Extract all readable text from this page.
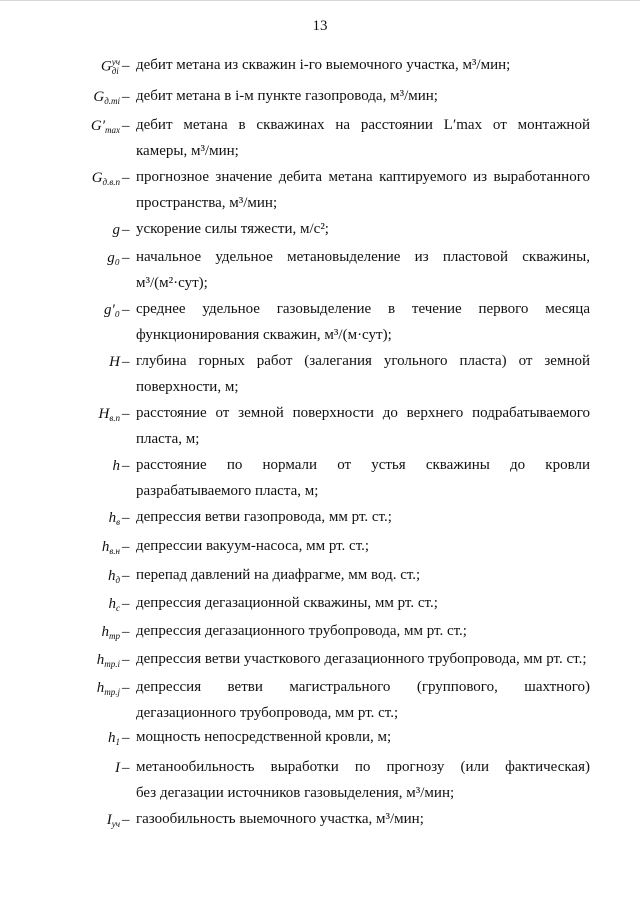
13
G уч
дi – дебит метана из скважин i-го выемочного участка, м³/мин;
G д.тi – дебит метана в i-м пункте газопровода, м³/мин;
G′ max – дебит метана в скважинах на расстоянии L′max от монтажной
камеры, м³/мин;
G д.в.п – прогнозное значение дебита метана каптируемого из выработанного
пространства, м³/мин;
g – ускорение силы тяжести, м/с²;
g₀ – начальное удельное метановыделение из пластовой скважины,
м³/(м²·сут);
g′₀ – среднее удельное газовыделение в течение первого месяца
функционирования скважин, м³/(м·сут);
H – глубина горных работ (залегания угольного пласта) от земной
поверхности, м;
H в.п – расстояние от земной поверхности до верхнего подрабатываемого
пласта, м;
h – расстояние по нормали от устья скважины до кровли
разрабатываемого пласта, м;
h в – депрессия ветви газопровода, мм рт. ст.;
h в.н – депрессии вакуум-насоса, мм рт. ст.;
h д – перепад давлений на диафрагме, мм вод. ст.;
h с – депрессия дегазационной скважины, мм рт. ст.;
h тр – депрессия дегазационного трубопровода, мм рт. ст.;
h тр.i – депрессия ветви участкового дегазационного трубопровода, мм рт. ст.;
h тр.j – депрессия ветви магистрального (группового, шахтного)
дегазационного трубопровода, мм рт. ст.;
h 1 – мощность непосредственной кровли, м;
I – метанообильность выработки по прогнозу (или фактическая)
без дегазации источников газовыделения, м³/мин;
I уч – газообильность выемочного участка, м³/мин;
